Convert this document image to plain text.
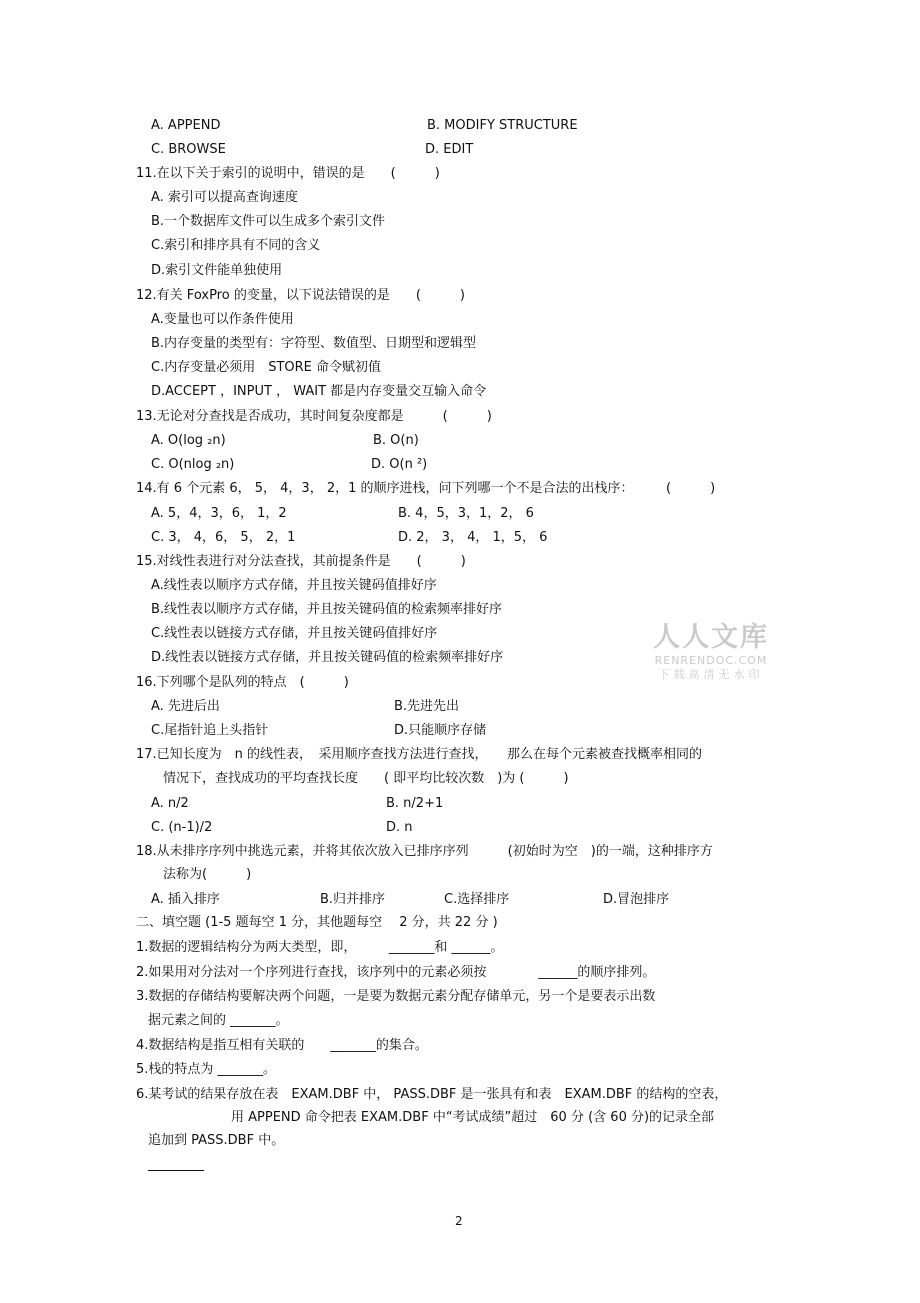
A. APPEND	B. MODIFY STRUCTURE
C. BROWSE	D. EDIT
11.在以下关于索引的说明中，错误的是　　(　　　)
A. 索引可以提高查询速度
B.一个数据库文件可以生成多个索引文件
C.索引和排序具有不同的含义
D.索引文件能单独使用
12.有关 FoxPro 的变量，以下说法错误的是　　(　　　)
A.变量也可以作条件使用
B.内存变量的类型有：字符型、数值型、日期型和逻辑型
C.内存变量必须用　STORE 命令赋初值
D.ACCEPT ，INPUT ， WAIT 都是内存变量交互输入命令
13.无论对分查找是否成功，其时间复杂度都是　　　(　　　)
A. O(log ₂n)	B. O(n)
C. O(nlog ₂n)	D. O(n ²)
14.有 6 个元素 6， 5， 4，3， 2，1 的顺序进栈，问下列哪一个不是合法的出栈序：　　　(　　　)
A. 5，4，3，6， 1，2	B. 4，5，3，1，2， 6
C. 3， 4，6， 5， 2，1	D. 2， 3， 4， 1，5， 6
15.对线性表进行对分法查找，其前提条件是　　(　　　)
A.线性表以顺序方式存储，并且按关键码值排好序
B.线性表以顺序方式存储，并且按关键码值的检索频率排好序
C.线性表以链接方式存储，并且按关键码值排好序
D.线性表以链接方式存储，并且按关键码值的检索频率排好序
16.下列哪个是队列的特点　(　　　)
A. 先进后出	B.先进先出
C.尾指针追上头指针	D.只能顺序存储
17.已知长度为　n 的线性表，　采用顺序查找方法进行查找，　　那么在每个元素被查找概率相同的
情况下，查找成功的平均查找长度　　( 即平均比较次数　)为 (　　　)
A. n/2	B. n/2+1
C. (n-1)/2	D. n
18.从未排序序列中挑选元素，并将其依次放入已排序序列　　　(初始时为空　)的一端，这种排序方
法称为(　　　)
A. 插入排序	B.归并排序	C.选择排序	D.冒泡排序
二、填空题 (1-5 题每空 1 分，其他题每空　 2 分，共 22 分 )
1.数据的逻辑结构分为两大类型，即，　　　_______和 ______。
2.如果用对分法对一个序列进行查找，该序列中的元素必须按　　　　______的顺序排列。
3.数据的存储结构要解决两个问题，一是要为数据元素分配存储单元，另一个是要表示出数
据元素之间的 _______。
4.数据结构是指互相有关联的　　_______的集合。
5.栈的特点为 _______。
6.某考试的结果存放在表　EXAM.DBF 中， PASS.DBF 是一张具有和表　EXAM.DBF 的结构的空表，
用 APPEND 命令把表 EXAM.DBF 中“考试成绩”超过　60 分 (含 60 分)的记录全部
追加到 PASS.DBF 中。
人人文库
RENRENDOC.COM
下载高清无水印
2
